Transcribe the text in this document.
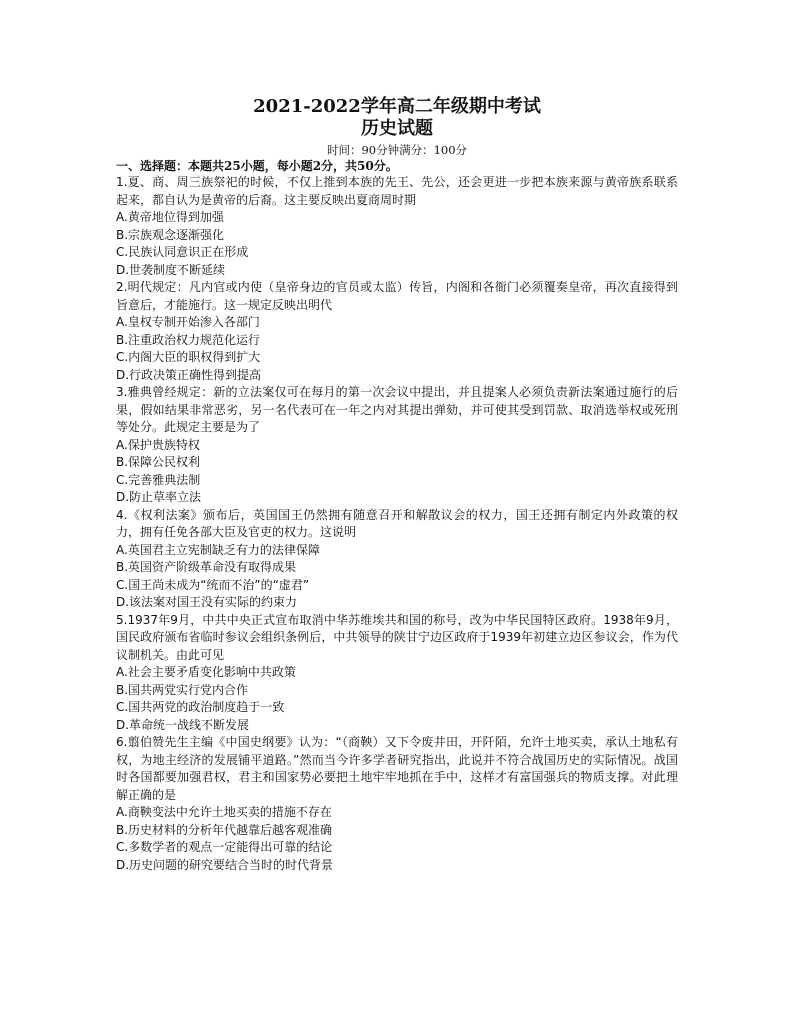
2021-2022学年高二年级期中考试

历史试题

时间：90分钟满分：100分

一、选择题：本题共25小题，每小题2分，共50分。

1.夏、商、周三族祭祀的时候，不仅上推到本族的先王、先公，还会更进一步把本族来源与黄帝族系联系起来，都自认为是黄帝的后裔。这主要反映出夏商周时期

A.黄帝地位得到加强

B.宗族观念逐渐强化

C.民族认同意识正在形成

D.世袭制度不断延续

2.明代规定：凡内官或内使（皇帝身边的官员或太监）传旨，内阁和各衙门必须覆奏皇帝，再次直接得到旨意后，才能施行。这一规定反映出明代

A.皇权专制开始渗入各部门

B.注重政治权力规范化运行

C.内阁大臣的职权得到扩大

D.行政决策正确性得到提高

3.雅典曾经规定：新的立法案仅可在每月的第一次会议中提出，并且提案人必须负责新法案通过施行的后果，假如结果非常恶劣，另一名代表可在一年之内对其提出弹劾，并可使其受到罚款、取消选举权或死刑等处分。此规定主要是为了

A.保护贵族特权

B.保障公民权利

C.完善雅典法制

D.防止草率立法

4.《权利法案》颁布后，英国国王仍然拥有随意召开和解散议会的权力，国王还拥有制定内外政策的权力，拥有任免各部大臣及官吏的权力。这说明

A.英国君主立宪制缺乏有力的法律保障

B.英国资产阶级革命没有取得成果

C.国王尚未成为“统而不治”的“虚君”

D.该法案对国王没有实际的约束力

5.1937年9月，中共中央正式宣布取消中华苏维埃共和国的称号，改为中华民国特区政府。1938年9月，国民政府颁布省临时参议会组织条例后，中共领导的陕甘宁边区政府于1939年初建立边区参议会，作为代议制机关。由此可见

A.社会主要矛盾变化影响中共政策

B.国共两党实行党内合作

C.国共两党的政治制度趋于一致

D.革命统一战线不断发展

6.翦伯赞先生主编《中国史纲要》认为：“（商鞅）又下令废井田，开阡陌，允许土地买卖，承认土地私有权，为地主经济的发展铺平道路。”然而当今许多学者研究指出，此说并不符合战国历史的实际情况。战国时各国都要加强君权，君主和国家势必要把土地牢牢地抓在手中，这样才有富国强兵的物质支撑。对此理解正确的是

A.商鞅变法中允许土地买卖的措施不存在

B.历史材料的分析年代越靠后越客观准确

C.多数学者的观点一定能得出可靠的结论

D.历史问题的研究要结合当时的时代背景
